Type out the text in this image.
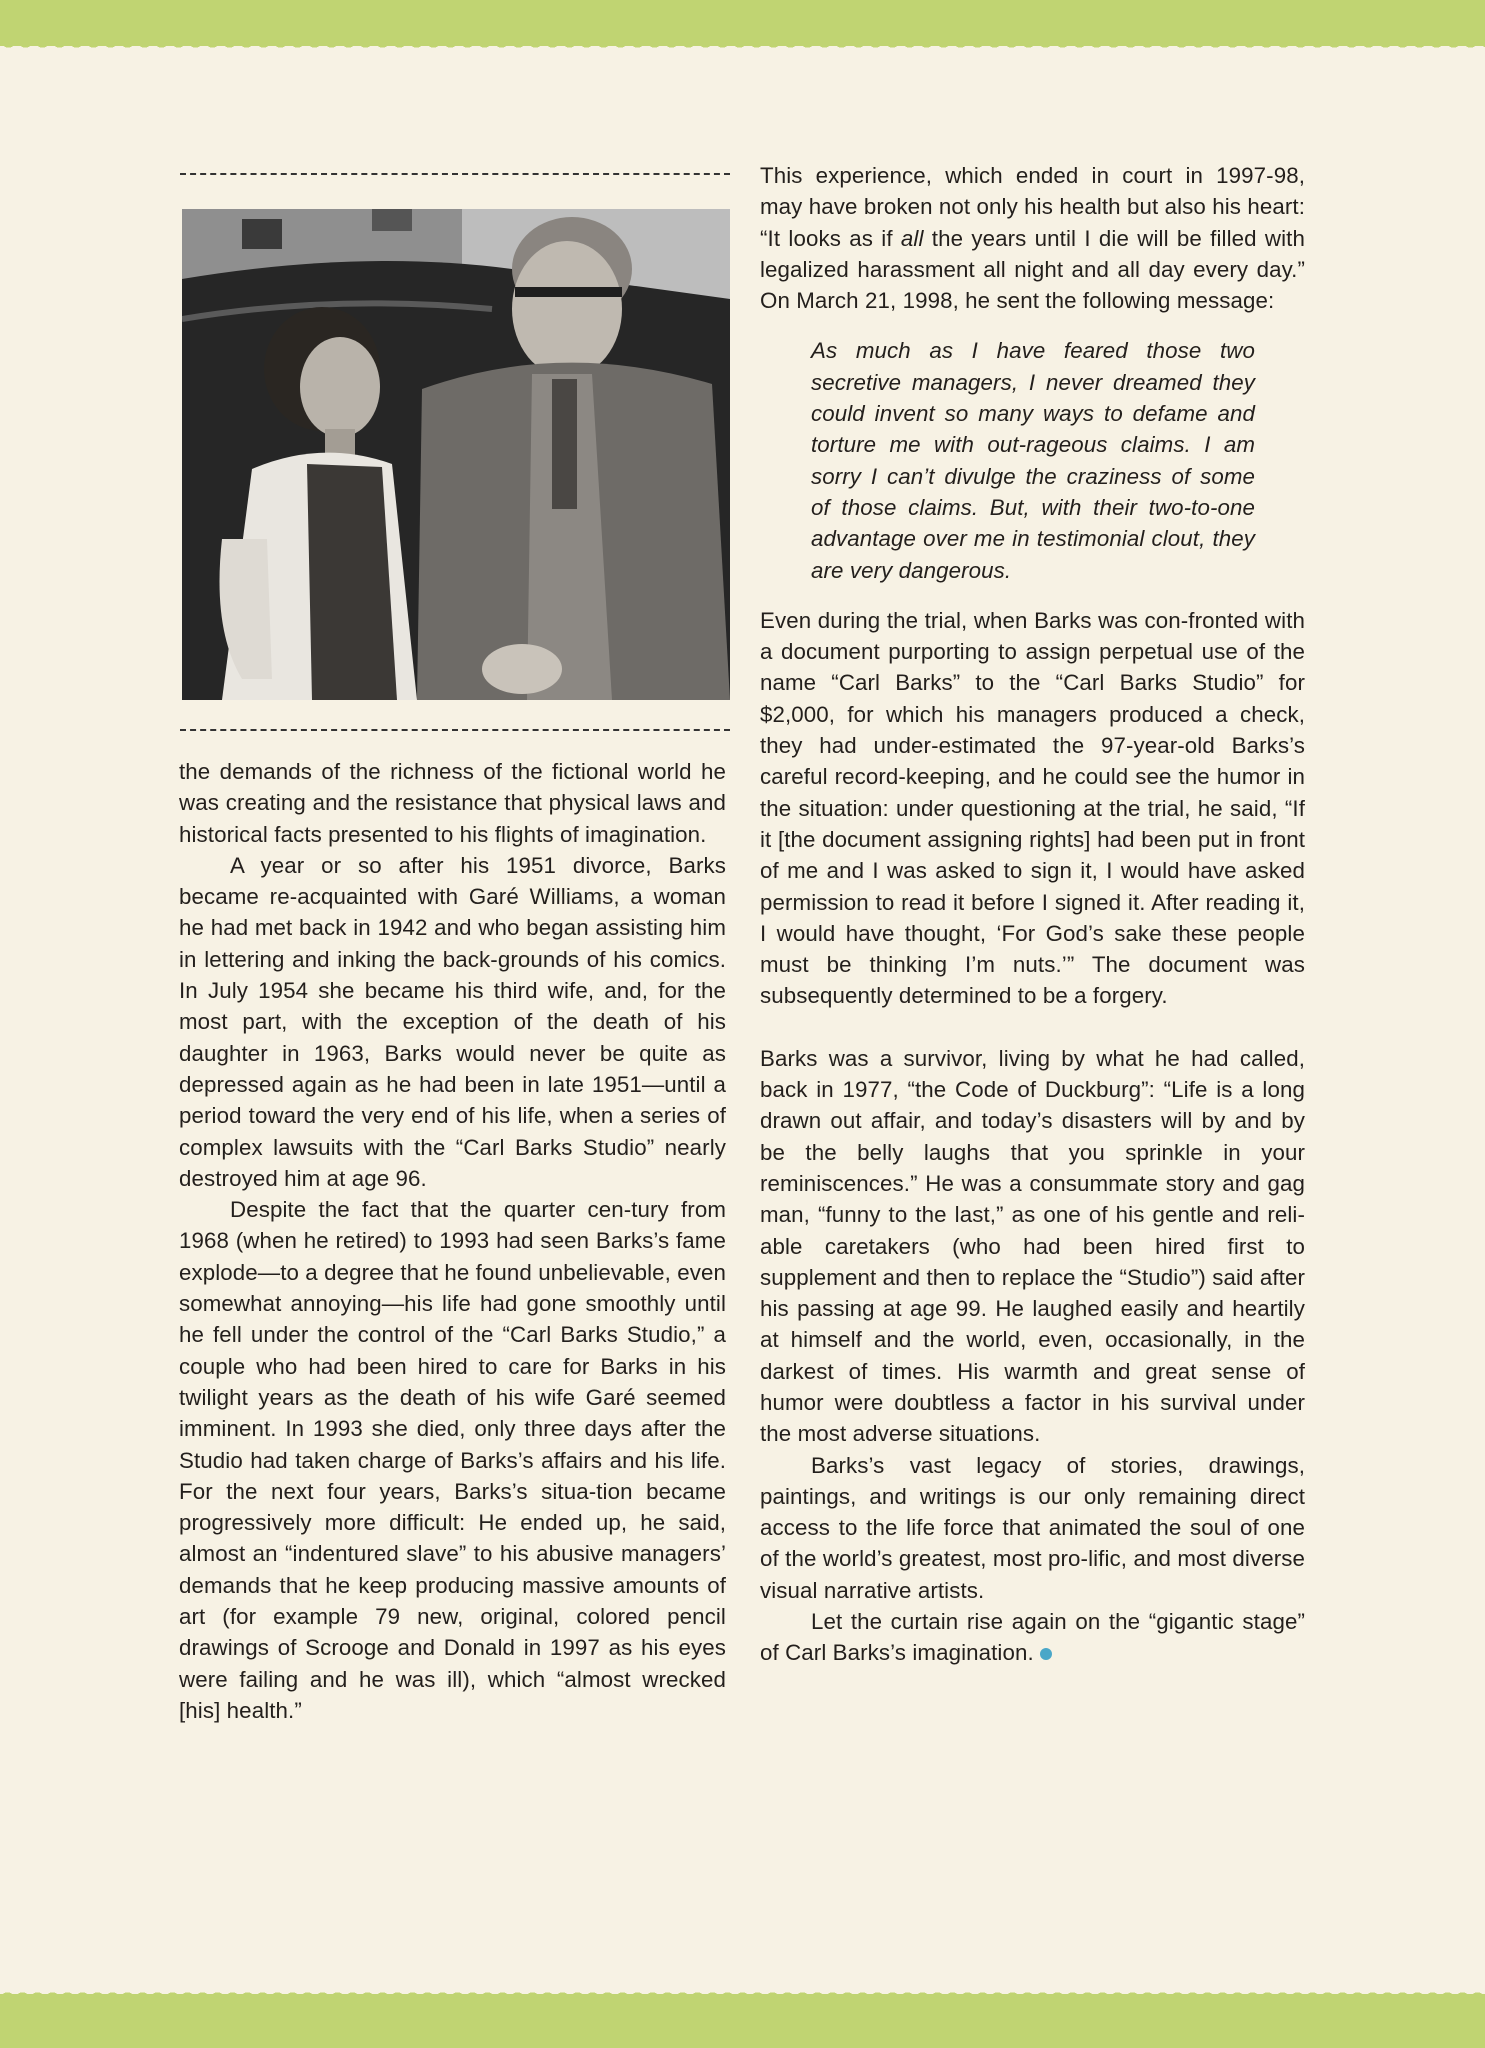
the demands of the richness of the fictional world he was creating and the resistance that physical laws and historical facts presented to his flights of imagination.

A year or so after his 1951 divorce, Barks became re-acquainted with Garé Williams, a woman he had met back in 1942 and who began assisting him in lettering and inking the back-grounds of his comics. In July 1954 she became his third wife, and, for the most part, with the exception of the death of his daughter in 1963, Barks would never be quite as depressed again as he had been in late 1951—until a period toward the very end of his life, when a series of complex lawsuits with the “Carl Barks Studio” nearly destroyed him at age 96.

Despite the fact that the quarter cen-tury from 1968 (when he retired) to 1993 had seen Barks’s fame explode—to a degree that he found unbelievable, even somewhat annoying—his life had gone smoothly until he fell under the control of the “Carl Barks Studio,” a couple who had been hired to care for Barks in his twilight years as the death of his wife Garé seemed imminent. In 1993 she died, only three days after the Studio had taken charge of Barks’s affairs and his life. For the next four years, Barks’s situa-tion became progressively more difficult: He ended up, he said, almost an “indentured slave” to his abusive managers’ demands that he keep producing massive amounts of art (for example 79 new, original, colored pencil drawings of Scrooge and Donald in 1997 as his eyes were failing and he was ill), which “almost wrecked [his] health.”

This experience, which ended in court in 1997-98, may have broken not only his health but also his heart: “It looks as if all the years until I die will be filled with legalized harassment all night and all day every day.” On March 21, 1998, he sent the following message:

As much as I have feared those two secretive managers, I never dreamed they could invent so many ways to defame and torture me with out-rageous claims. I am sorry I can’t divulge the craziness of some of those claims. But, with their two-to-one advantage over me in testimonial clout, they are very dangerous.

Even during the trial, when Barks was con-fronted with a document purporting to assign perpetual use of the name “Carl Barks” to the “Carl Barks Studio” for $2,000, for which his managers produced a check, they had under-estimated the 97-year-old Barks’s careful record-keeping, and he could see the humor in the situation: under questioning at the trial, he said, “If it [the document assigning rights] had been put in front of me and I was asked to sign it, I would have asked permission to read it before I signed it. After reading it, I would have thought, ‘For God’s sake these people must be thinking I’m nuts.’” The document was subsequently determined to be a forgery.

Barks was a survivor, living by what he had called, back in 1977, “the Code of Duckburg”: “Life is a long drawn out affair, and today’s disasters will by and by be the belly laughs that you sprinkle in your reminiscences.” He was a consummate story and gag man, “funny to the last,” as one of his gentle and reli-able caretakers (who had been hired first to supplement and then to replace the “Studio”) said after his passing at age 99. He laughed easily and heartily at himself and the world, even, occasionally, in the darkest of times. His warmth and great sense of humor were doubtless a factor in his survival under the most adverse situations.

Barks’s vast legacy of stories, drawings, paintings, and writings is our only remaining direct access to the life force that animated the soul of one of the world’s greatest, most pro-lific, and most diverse visual narrative artists.

Let the curtain rise again on the “gigantic stage” of Carl Barks’s imagination.
